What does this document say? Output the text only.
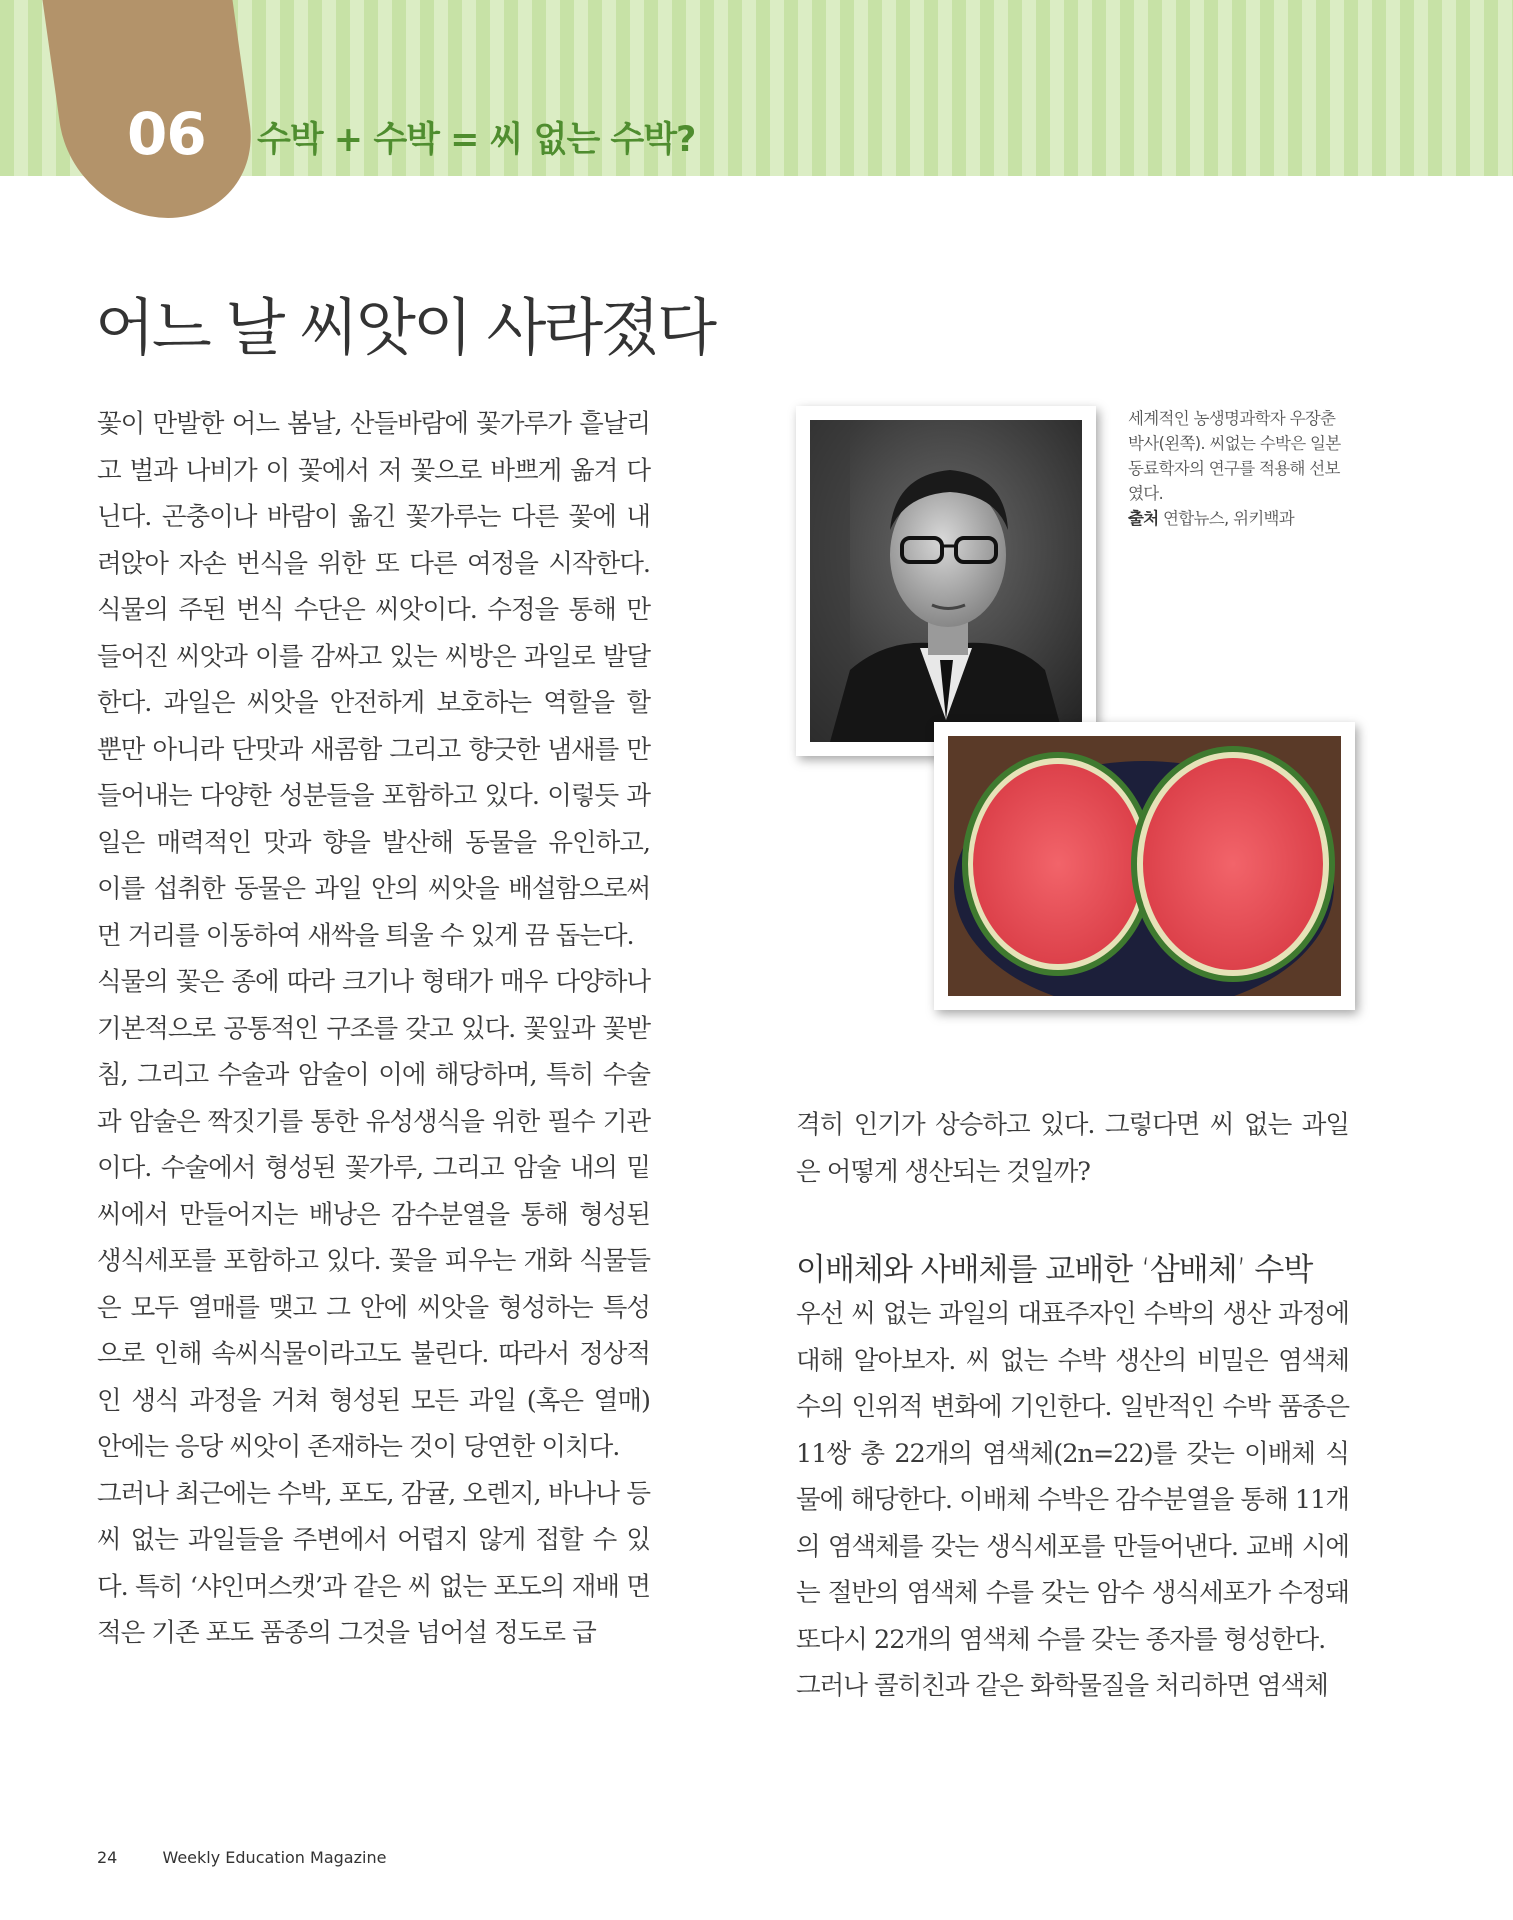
06	수박 + 수박 = 씨 없는 수박?
어느 날 씨앗이 사라졌다

꽃이 만발한 어느 봄날, 산들바람에 꽃가루가 흩날리고 벌과 나비가 이 꽃에서 저 꽃으로 바쁘게 옮겨 다닌다. 곤충이나 바람이 옮긴 꽃가루는 다른 꽃에 내려앉아 자손 번식을 위한 또 다른 여정을 시작한다. 식물의 주된 번식 수단은 씨앗이다. 수정을 통해 만들어진 씨앗과 이를 감싸고 있는 씨방은 과일로 발달한다. 과일은 씨앗을 안전하게 보호하는 역할을 할 뿐만 아니라 단맛과 새콤함 그리고 향긋한 냄새를 만들어내는 다양한 성분들을 포함하고 있다. 이렇듯 과일은 매력적인 맛과 향을 발산해 동물을 유인하고, 이를 섭취한 동물은 과일 안의 씨앗을 배설함으로써 먼 거리를 이동하여 새싹을 틔울 수 있게 끔 돕는다.

식물의 꽃은 종에 따라 크기나 형태가 매우 다양하나 기본적으로 공통적인 구조를 갖고 있다. 꽃잎과 꽃받침, 그리고 수술과 암술이 이에 해당하며, 특히 수술과 암술은 짝짓기를 통한 유성생식을 위한 필수 기관이다. 수술에서 형성된 꽃가루, 그리고 암술 내의 밑씨에서 만들어지는 배낭은 감수분열을 통해 형성된 생식세포를 포함하고 있다. 꽃을 피우는 개화 식물들은 모두 열매를 맺고 그 안에 씨앗을 형성하는 특성으로 인해 속씨식물이라고도 불린다. 따라서 정상적인 생식 과정을 거쳐 형성된 모든 과일 (혹은 열매) 안에는 응당 씨앗이 존재하는 것이 당연한 이치다.

그러나 최근에는 수박, 포도, 감귤, 오렌지, 바나나 등 씨 없는 과일들을 주변에서 어렵지 않게 접할 수 있다. 특히 ‘샤인머스캣’과 같은 씨 없는 포도의 재배 면적은 기존 포도 품종의 그것을 넘어설 정도로 급

세계적인 농생명과학자 우장춘 박사(왼쪽). 씨없는 수박은 일본 동료학자의 연구를 적용해 선보였다.
출처 연합뉴스, 위키백과

격히 인기가 상승하고 있다. 그렇다면 씨 없는 과일은 어떻게 생산되는 것일까?

이배체와 사배체를 교배한 ‘삼배체’ 수박

우선 씨 없는 과일의 대표주자인 수박의 생산 과정에 대해 알아보자. 씨 없는 수박 생산의 비밀은 염색체 수의 인위적 변화에 기인한다. 일반적인 수박 품종은 11쌍 총 22개의 염색체(2n=22)를 갖는 이배체 식물에 해당한다. 이배체 수박은 감수분열을 통해 11개의 염색체를 갖는 생식세포를 만들어낸다. 교배 시에는 절반의 염색체 수를 갖는 암수 생식세포가 수정돼 또다시 22개의 염색체 수를 갖는 종자를 형성한다.

그러나 콜히친과 같은 화학물질을 처리하면 염색체

24	Weekly Education Magazine
